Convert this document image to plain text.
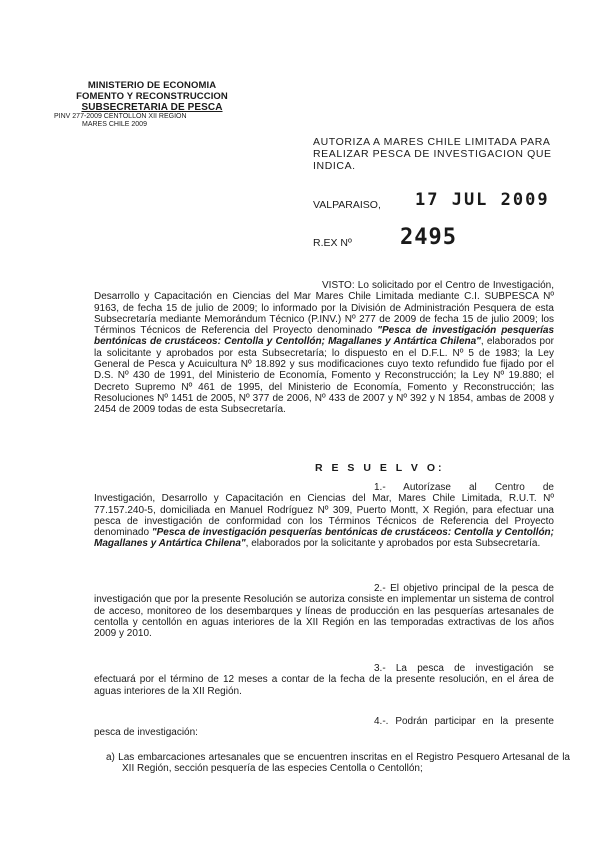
MINISTERIO DE ECONOMIA
FOMENTO Y RECONSTRUCCION
SUBSECRETARIA DE PESCA
PINV 277-2009 CENTOLLON XII REGION
MARES CHILE 2009
AUTORIZA A MARES CHILE LIMITADA PARA REALIZAR PESCA DE INVESTIGACION QUE INDICA.
VALPARAISO, 17 JUL 2009
R.EX Nº 2495
VISTO: Lo solicitado por el Centro de Investigación, Desarrollo y Capacitación en Ciencias del Mar Mares Chile Limitada mediante C.I. SUBPESCA Nº 9163, de fecha 15 de julio de 2009; lo informado por la División de Administración Pesquera de esta Subsecretaría mediante Memorándum Técnico (P.INV.) Nº 277 de 2009 de fecha 15 de julio 2009; los Términos Técnicos de Referencia del Proyecto denominado "Pesca de investigación pesquerías bentónicas de crustáceos: Centolla y Centollón; Magallanes y Antártica Chilena", elaborados por la solicitante y aprobados por esta Subsecretaría; lo dispuesto en el D.F.L. Nº 5 de 1983; la Ley General de Pesca y Acuicultura Nº 18.892 y sus modificaciones cuyo texto refundido fue fijado por el D.S. Nº 430 de 1991, del Ministerio de Economía, Fomento y Reconstrucción; la Ley Nº 19.880; el Decreto Supremo Nº 461 de 1995, del Ministerio de Economía, Fomento y Reconstrucción; las Resoluciones Nº 1451 de 2005, Nº 377 de 2006, Nº 433 de 2007 y Nº 392 y N 1854, ambas de 2008 y 2454 de 2009 todas de esta Subsecretaría.
R E S U E L V O:
1.- Autorízase al Centro de Investigación, Desarrollo y Capacitación en Ciencias del Mar, Mares Chile Limitada, R.U.T. Nº 77.157.240-5, domiciliada en Manuel Rodríguez Nº 309, Puerto Montt, X Región, para efectuar una pesca de investigación de conformidad con los Términos Técnicos de Referencia del Proyecto denominado "Pesca de investigación pesquerías bentónicas de crustáceos: Centolla y Centollón; Magallanes y Antártica Chilena", elaborados por la solicitante y aprobados por esta Subsecretaría.
2.- El objetivo principal de la pesca de investigación que por la presente Resolución se autoriza consiste en implementar un sistema de control de acceso, monitoreo de los desembarques y líneas de producción en las pesquerías artesanales de centolla y centollón en aguas interiores de la XII Región en las temporadas extractivas de los años 2009 y 2010.
3.- La pesca de investigación se efectuará por el término de 12 meses a contar de la fecha de la presente resolución, en el área de aguas interiores de la XII Región.
4.-. Podrán participar en la presente pesca de investigación:
a) Las embarcaciones artesanales que se encuentren inscritas en el Registro Pesquero Artesanal de la XII Región, sección pesquería de las especies Centolla o Centollón;
